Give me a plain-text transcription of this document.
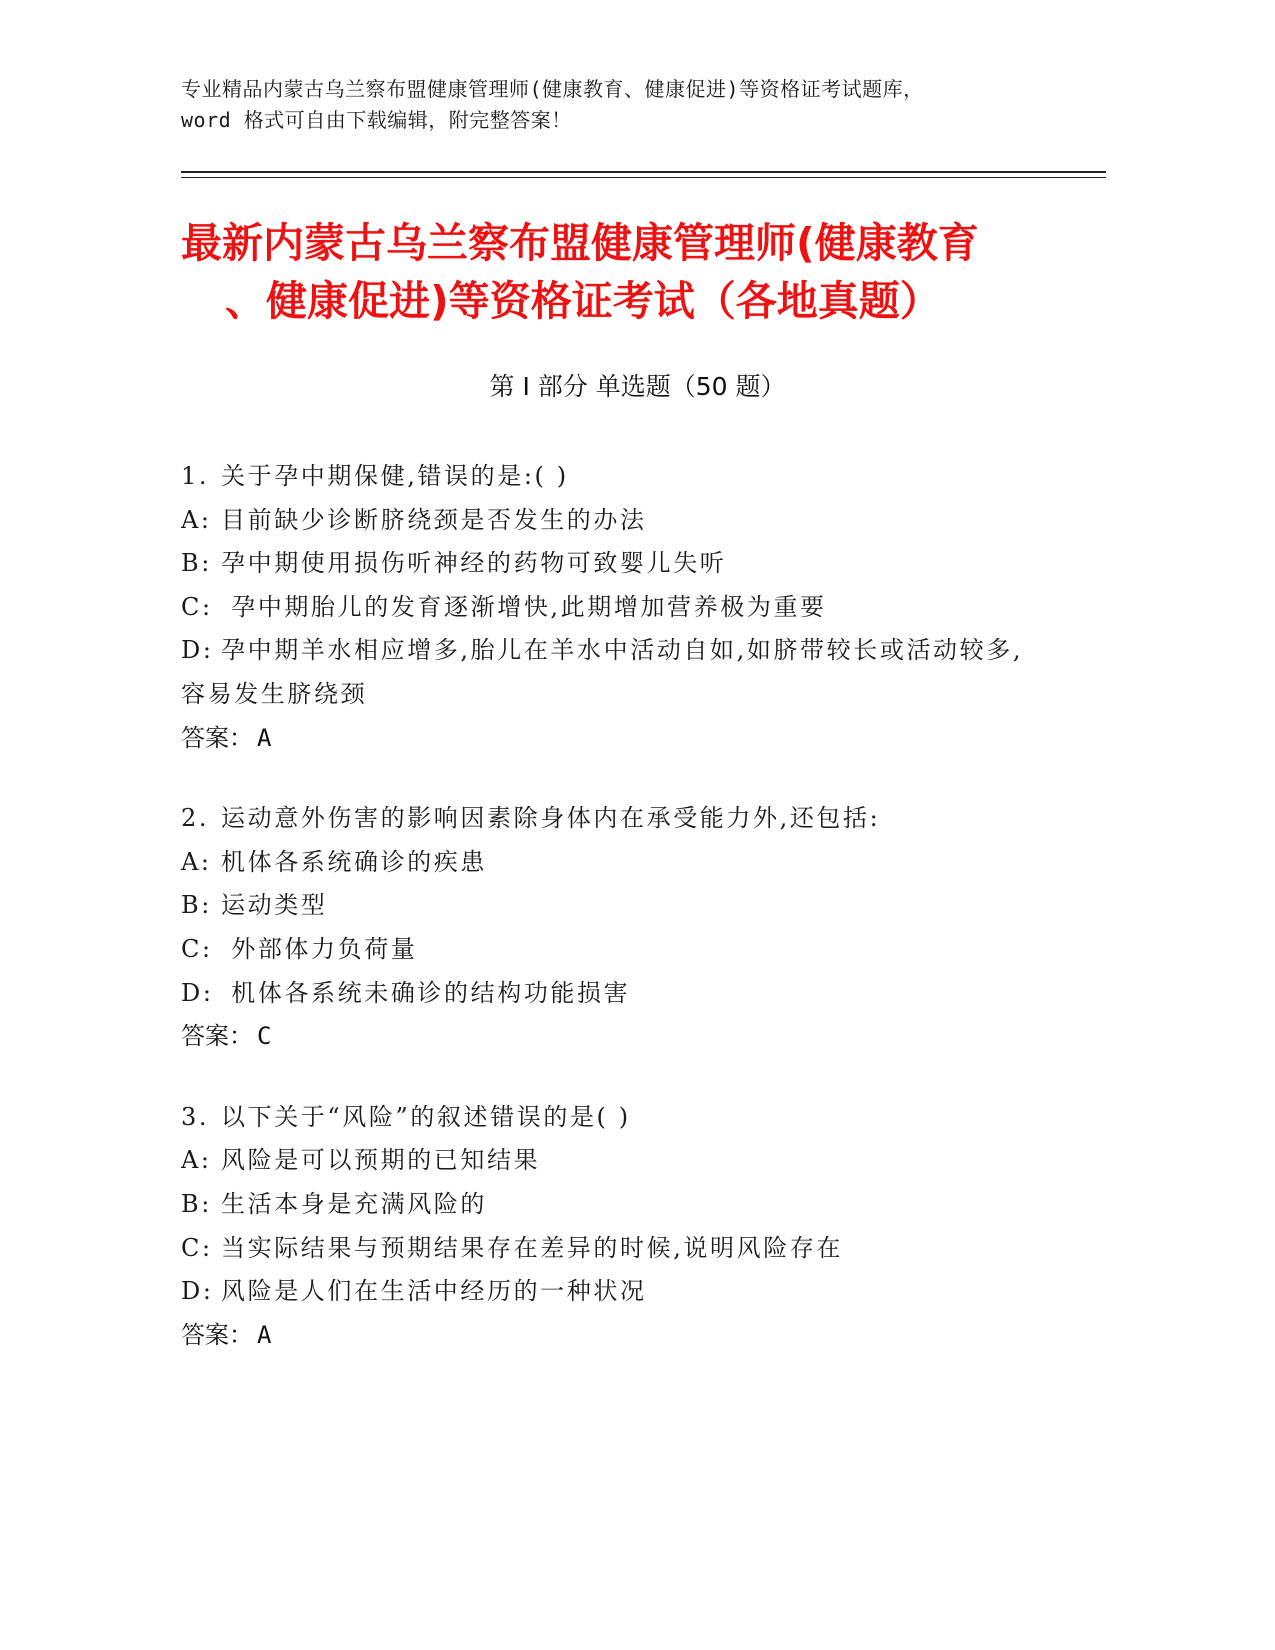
专业精品内蒙古乌兰察布盟健康管理师(健康教育、健康促进)等资格证考试题库，
word 格式可自由下载编辑，附完整答案！
最新内蒙古乌兰察布盟健康管理师(健康教育
、健康促进)等资格证考试（各地真题）
第 I 部分 单选题（50 题）
1. 关于孕中期保健,错误的是:( )
A: 目前缺少诊断脐绕颈是否发生的办法
B: 孕中期使用损伤听神经的药物可致婴儿失听
C: 孕中期胎儿的发育逐渐增快,此期增加营养极为重要
D: 孕中期羊水相应增多,胎儿在羊水中活动自如,如脐带较长或活动较多,容易发生脐绕颈
答案： A
2. 运动意外伤害的影响因素除身体内在承受能力外,还包括:
A: 机体各系统确诊的疾患
B: 运动类型
C: 外部体力负荷量
D: 机体各系统未确诊的结构功能损害
答案： C
3. 以下关于“风险”的叙述错误的是( )
A: 风险是可以预期的已知结果
B: 生活本身是充满风险的
C: 当实际结果与预期结果存在差异的时候,说明风险存在
D: 风险是人们在生活中经历的一种状况
答案： A
